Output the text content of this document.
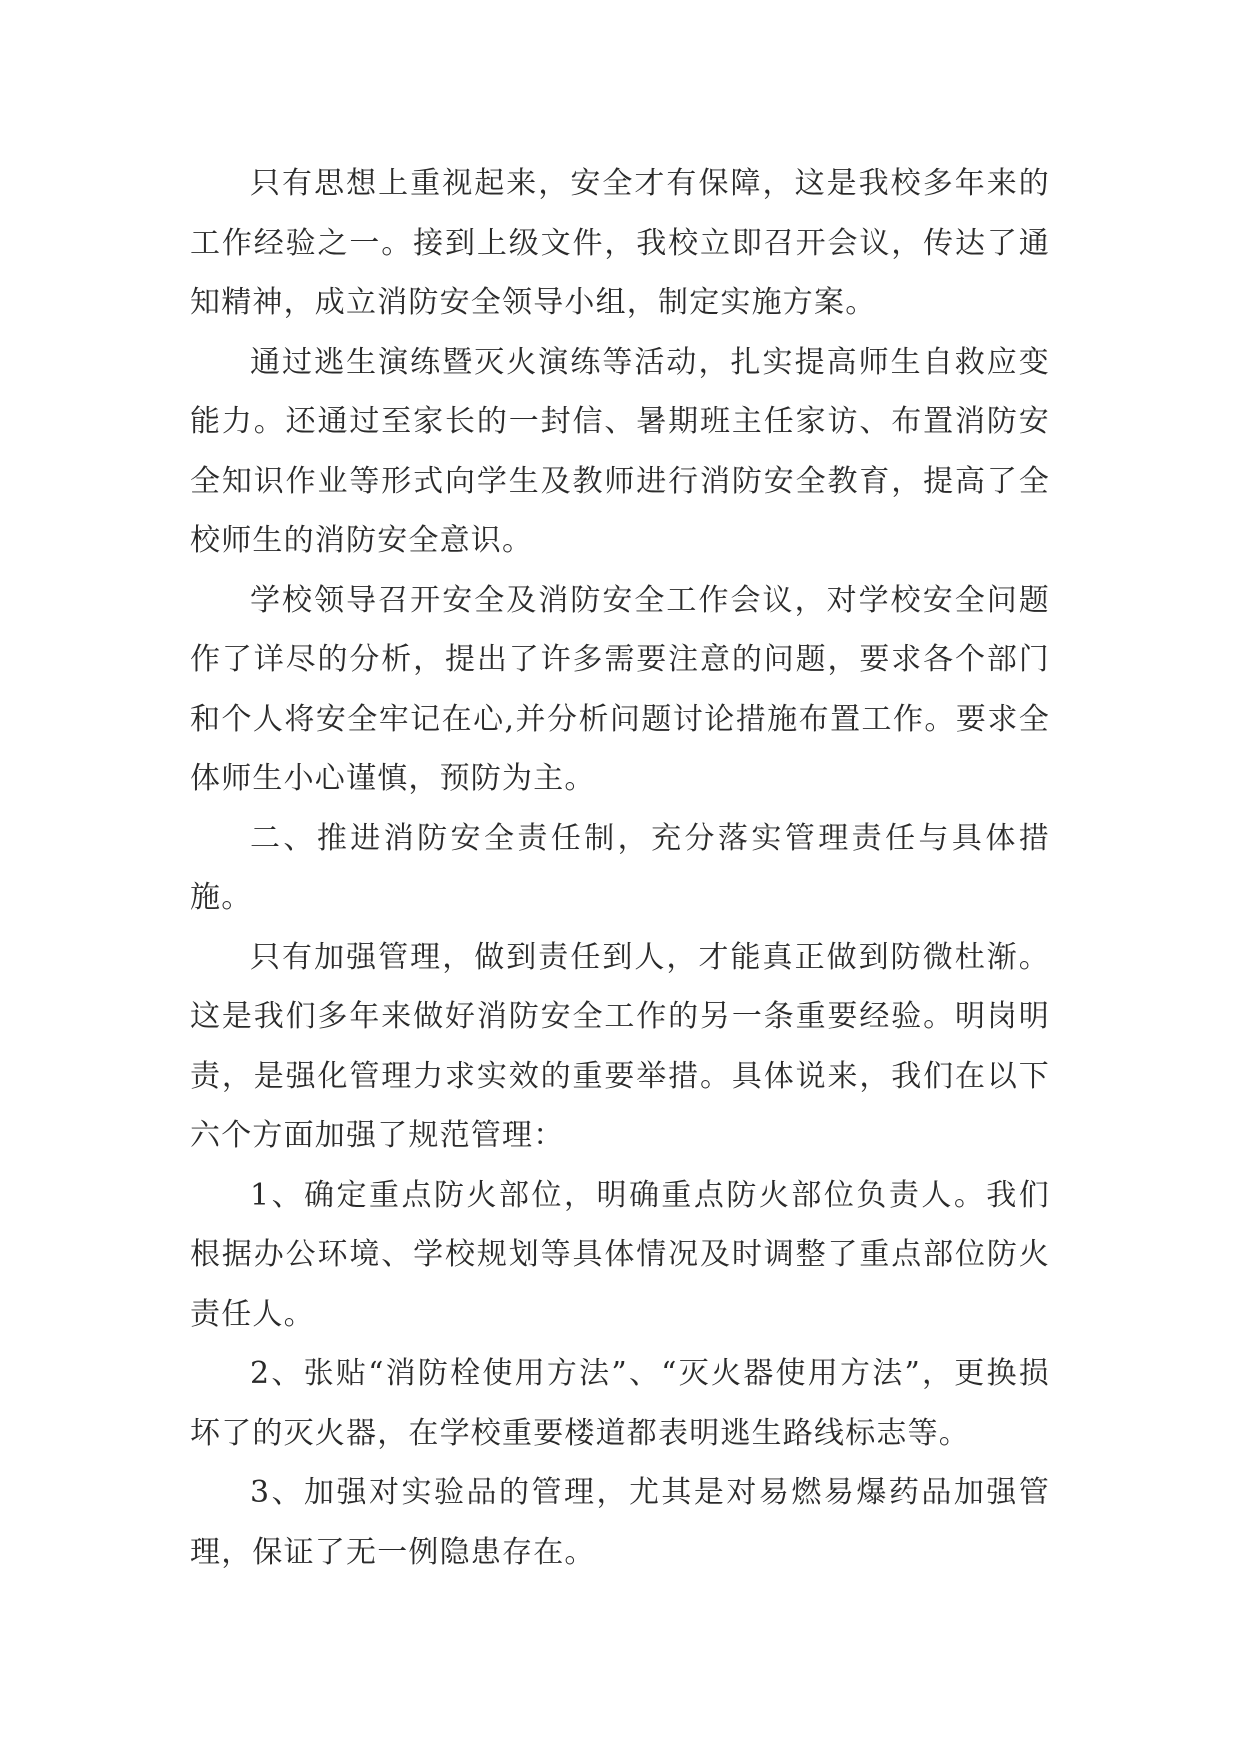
只有思想上重视起来，安全才有保障，这是我校多年来的工作经验之一。接到上级文件，我校立即召开会议，传达了通知精神，成立消防安全领导小组，制定实施方案。

通过逃生演练暨灭火演练等活动，扎实提高师生自救应变能力。还通过至家长的一封信、暑期班主任家访、布置消防安全知识作业等形式向学生及教师进行消防安全教育，提高了全校师生的消防安全意识。

学校领导召开安全及消防安全工作会议，对学校安全问题作了详尽的分析，提出了许多需要注意的问题，要求各个部门和个人将安全牢记在心,并分析问题讨论措施布置工作。要求全体师生小心谨慎，预防为主。

二、推进消防安全责任制，充分落实管理责任与具体措施。

只有加强管理，做到责任到人，才能真正做到防微杜渐。这是我们多年来做好消防安全工作的另一条重要经验。明岗明责，是强化管理力求实效的重要举措。具体说来，我们在以下六个方面加强了规范管理：

1、确定重点防火部位，明确重点防火部位负责人。我们根据办公环境、学校规划等具体情况及时调整了重点部位防火责任人。

2、张贴“消防栓使用方法”、“灭火器使用方法”，更换损坏了的灭火器，在学校重要楼道都表明逃生路线标志等。

3、加强对实验品的管理，尤其是对易燃易爆药品加强管理，保证了无一例隐患存在。
